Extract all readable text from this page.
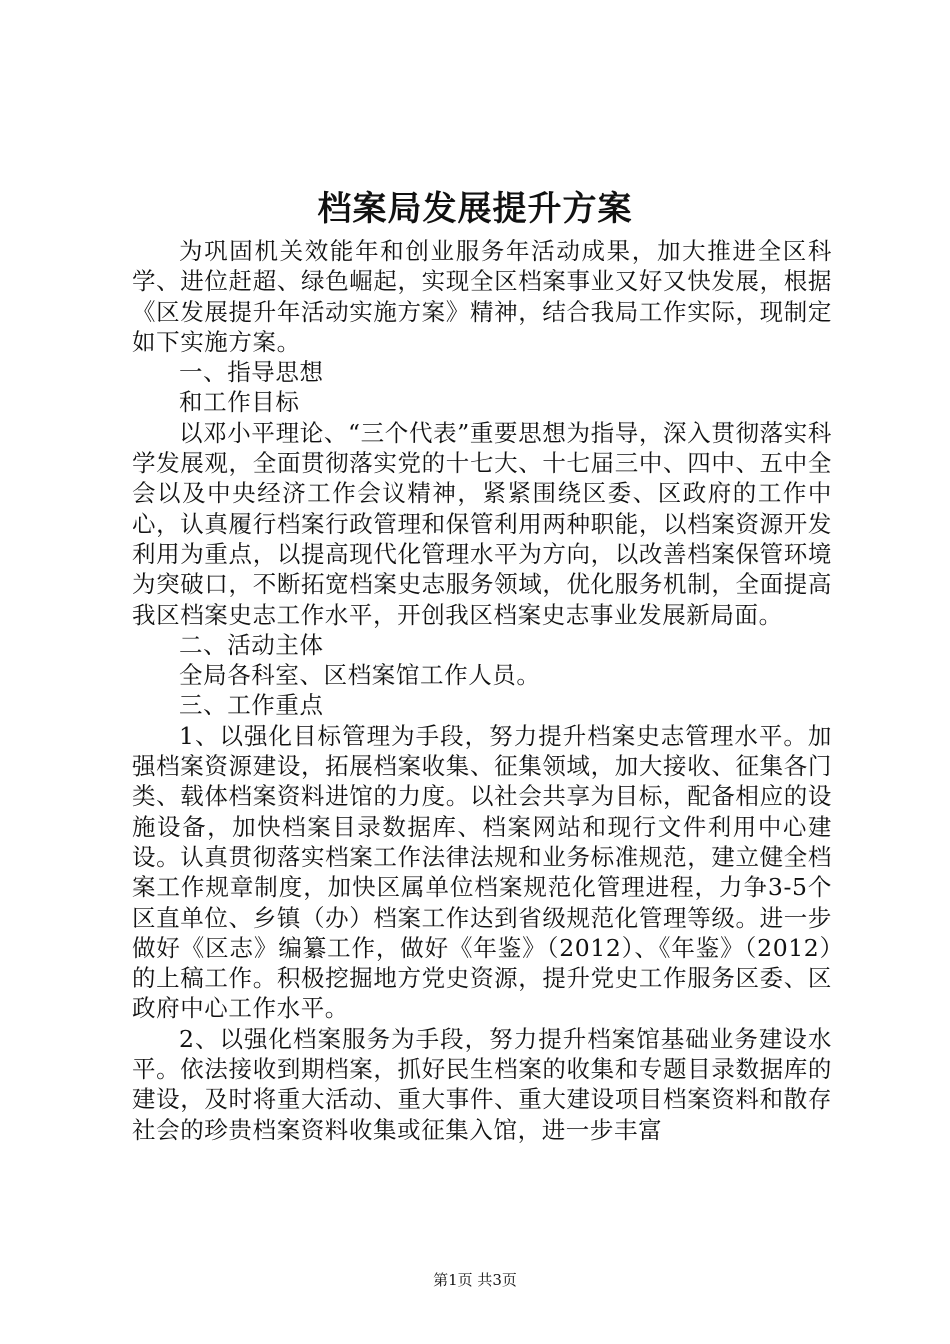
档案局发展提升方案

为巩固机关效能年和创业服务年活动成果，加大推进全区科学、进位赶超、绿色崛起，实现全区档案事业又好又快发展，根据《区发展提升年活动实施方案》精神，结合我局工作实际，现制定如下实施方案。

一、指导思想

和工作目标

以邓小平理论、“三个代表”重要思想为指导，深入贯彻落实科学发展观，全面贯彻落实党的十七大、十七届三中、四中、五中全会以及中央经济工作会议精神，紧紧围绕区委、区政府的工作中心，认真履行档案行政管理和保管利用两种职能，以档案资源开发利用为重点，以提高现代化管理水平为方向，以改善档案保管环境为突破口，不断拓宽档案史志服务领域，优化服务机制，全面提高我区档案史志工作水平，开创我区档案史志事业发展新局面。

二、活动主体

全局各科室、区档案馆工作人员。

三、工作重点

1、以强化目标管理为手段，努力提升档案史志管理水平。加强档案资源建设，拓展档案收集、征集领域，加大接收、征集各门类、载体档案资料进馆的力度。以社会共享为目标，配备相应的设施设备，加快档案目录数据库、档案网站和现行文件利用中心建设。认真贯彻落实档案工作法律法规和业务标准规范，建立健全档案工作规章制度，加快区属单位档案规范化管理进程，力争3-5个区直单位、乡镇（办）档案工作达到省级规范化管理等级。进一步做好《区志》编纂工作，做好《年鉴》（2012）、《年鉴》（2012）的上稿工作。积极挖掘地方党史资源，提升党史工作服务区委、区政府中心工作水平。

2、以强化档案服务为手段，努力提升档案馆基础业务建设水平。依法接收到期档案，抓好民生档案的收集和专题目录数据库的建设，及时将重大活动、重大事件、重大建设项目档案资料和散存社会的珍贵档案资料收集或征集入馆，进一步丰富

第1页 共3页
